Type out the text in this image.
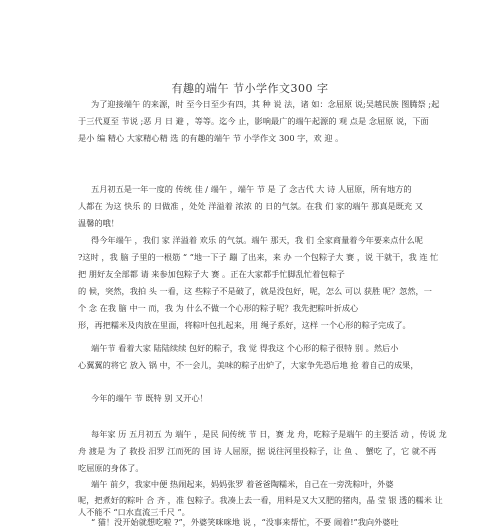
有趣的端午 节小学作文300 字
为了迎接端午 的来源，时 至今日至少有四，其 种 说 法，诸 如：念屈原 说;吴越民族 图腾祭 ;起
于三代夏至 节说 ;恶 月 日 避 ，等等。迄今 止，影响最广的端午起源的 观 点是 念屈原 说，下面
是小 编 精心 大家精心精 选 的有趣的端午 节 小学作文 300 字，欢 迎 。
五月初五是一年一度的 传统 佳 / 端午 ，端午 节 是 了 念古代 大 诗 人屈原，所有地方的
人都在 为这 快乐 的 日做准 ，处处 洋溢着 浓浓 的 日的气氛。在我 们 家的端午 那真是既充 又
温馨的哦！
得今年端午 ，我们 家 洋溢着 欢乐 的气氛。端午 那天，我 们 全家商量着今年要来点什么呢
?这时 ，我 脑 子里的一根筋 “ “地一下子 蹦 了出来，来 办 一个包粽子大 赛 ，说 干就干，我 连 忙
把 朋好友全部都 请 来参加包粽子大 赛 。正在大家都手忙脚乱忙着包粽子
的 候，突然，我拍 头 一看，这 些粽子不是破了，就是没包好，呢，怎么 可以 获胜 呢？忽然，一
个 念 在我 脑 中一 而，我 为 什么不做一个心形的粽子呢？我先把粽叶折成心
形，再把糯米及肉放在里面，将粽叶包扎起来，用 绳子系好，这样 一个心形的粽子完成了。
端午节 看着大家 陆陆续续 包好的粽子，我 觉 得我这 个心形的粽子很特 别 。然后小
心翼翼的将它 放入 锅 中，不一会儿，美味的粽子出炉了，大家争先恐后地 抢 着自己的成果，
今年的端午 节 既特 别 又开心！
每年家 历 五月初五 为 端午 ，是民 间传统 节 日，赛 龙 舟，吃粽子是端午 的主要活 动 ，传说 龙
舟 渡是 为 了 救投 汨罗 江而死的 国 诗 人屈原，据 说往河里投粽子，让 鱼 、 蟹吃 了，它 就不再
吃屈原的身体了。
端午 前夕，我家中便 热闹起来，妈妈张罗 着爸爸陶糯米，自己在一旁洗粽叶，外婆
呢，把煮好的粽叶 合 齐 ，准 包粽子。我凑上去一看，用料是又大又肥的猪肉，晶 莹 银 透的糯米 让
人不能不 “口水直流三千尺 ”。
“ 猫！没开始就想吃啦 ?”，外婆笑咪咪地 说 ，“没事来帮忙，不要 闹着!”我向外婆吐
